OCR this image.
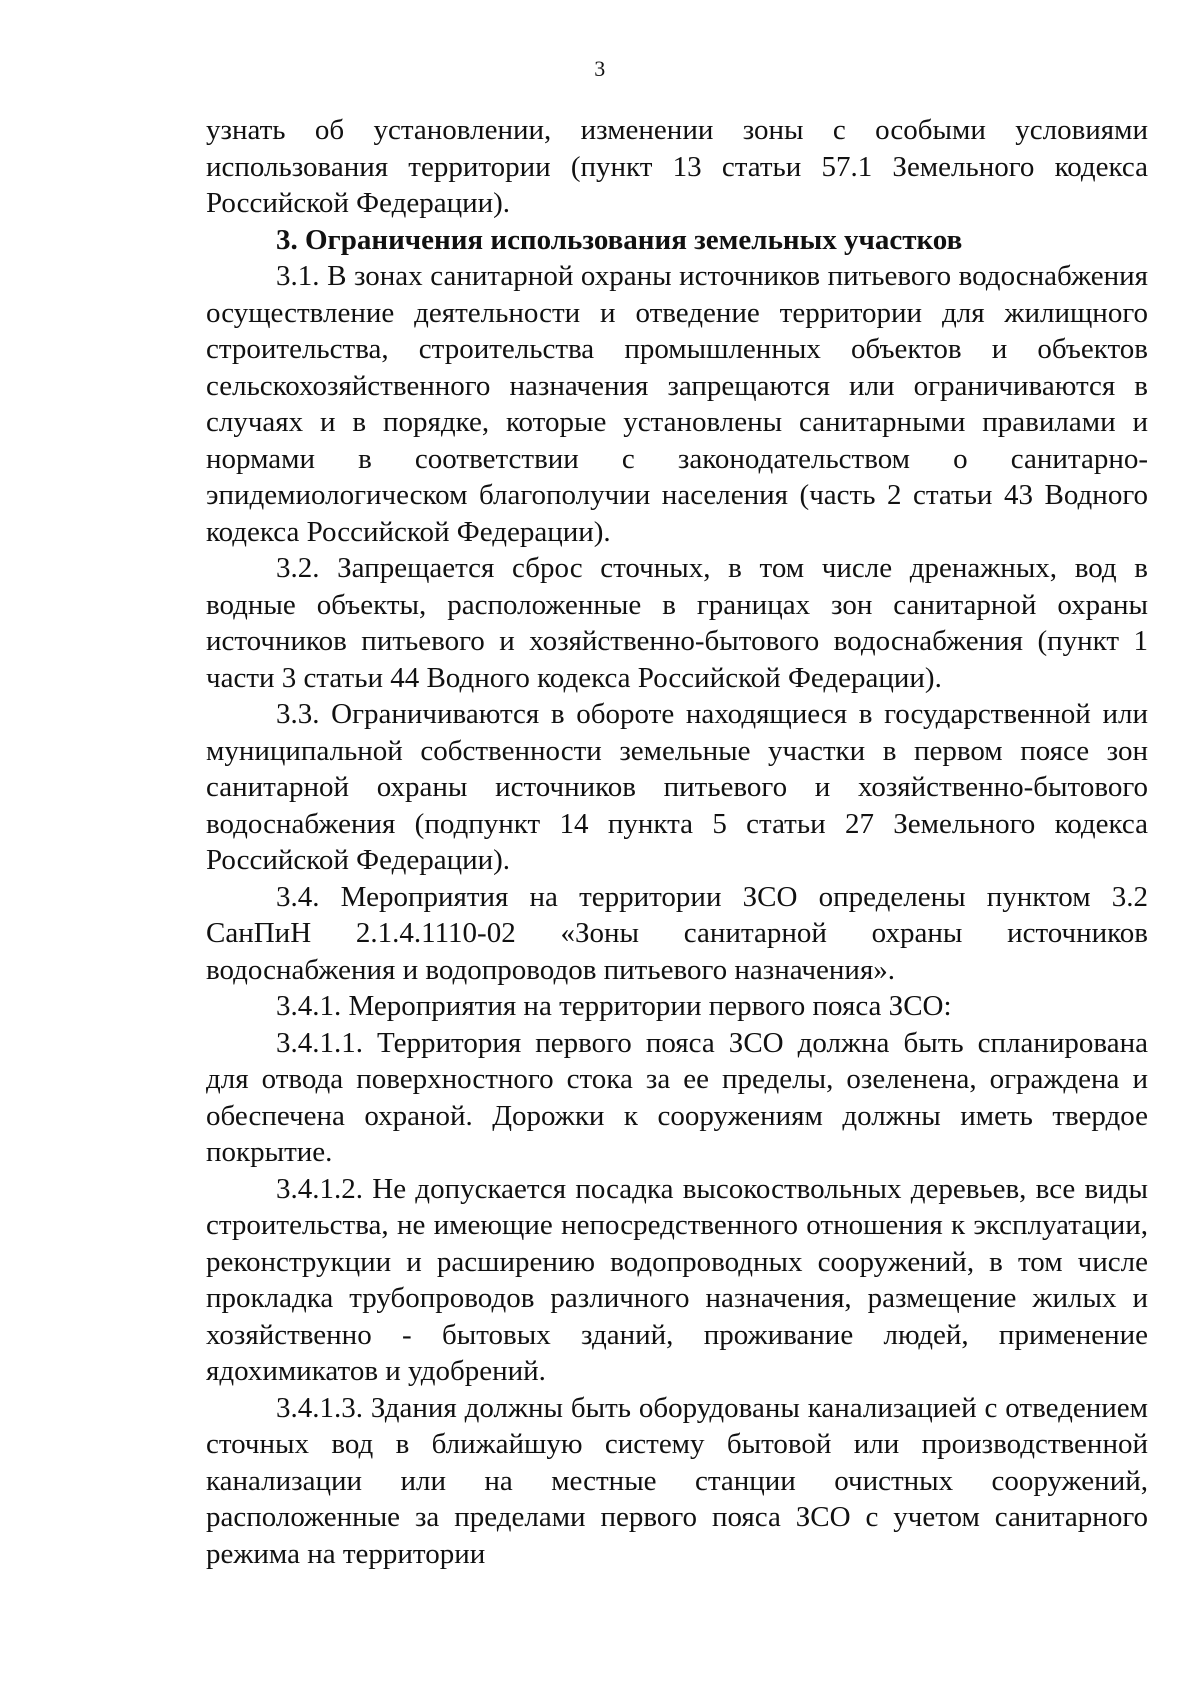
3

узнать об установлении, изменении зоны с особыми условиями использования территории (пункт 13 статьи 57.1 Земельного кодекса Российской Федерации).

3. Ограничения использования земельных участков

3.1. В зонах санитарной охраны источников питьевого водоснабжения осуществление деятельности и отведение территории для жилищного строительства, строительства промышленных объектов и объектов сельскохозяйственного назначения запрещаются или ограничиваются в случаях и в порядке, которые установлены санитарными правилами и нормами в соответствии с законодательством о санитарно-эпидемиологическом благополучии населения (часть 2 статьи 43 Водного кодекса Российской Федерации).

3.2. Запрещается сброс сточных, в том числе дренажных, вод в водные объекты, расположенные в границах зон санитарной охраны источников питьевого и хозяйственно-бытового водоснабжения (пункт 1 части 3 статьи 44 Водного кодекса Российской Федерации).

3.3. Ограничиваются в обороте находящиеся в государственной или муниципальной собственности земельные участки в первом поясе зон санитарной охраны источников питьевого и хозяйственно-бытового водоснабжения (подпункт 14 пункта 5 статьи 27 Земельного кодекса Российской Федерации).

3.4. Мероприятия на территории ЗСО определены пунктом 3.2 СанПиН 2.1.4.1110-02 «Зоны санитарной охраны источников водоснабжения и водопроводов питьевого назначения».

3.4.1. Мероприятия на территории первого пояса ЗСО:

3.4.1.1. Территория первого пояса ЗСО должна быть спланирована для отвода поверхностного стока за ее пределы, озеленена, ограждена и обеспечена охраной. Дорожки к сооружениям должны иметь твердое покрытие.

3.4.1.2. Не допускается посадка высокоствольных деревьев, все виды строительства, не имеющие непосредственного отношения к эксплуатации, реконструкции и расширению водопроводных сооружений, в том числе прокладка трубопроводов различного назначения, размещение жилых и хозяйственно - бытовых зданий, проживание людей, применение ядохимикатов и удобрений.

3.4.1.3. Здания должны быть оборудованы канализацией с отведением сточных вод в ближайшую систему бытовой или производственной канализации или на местные станции очистных сооружений, расположенные за пределами первого пояса ЗСО с учетом санитарного режима на территории
